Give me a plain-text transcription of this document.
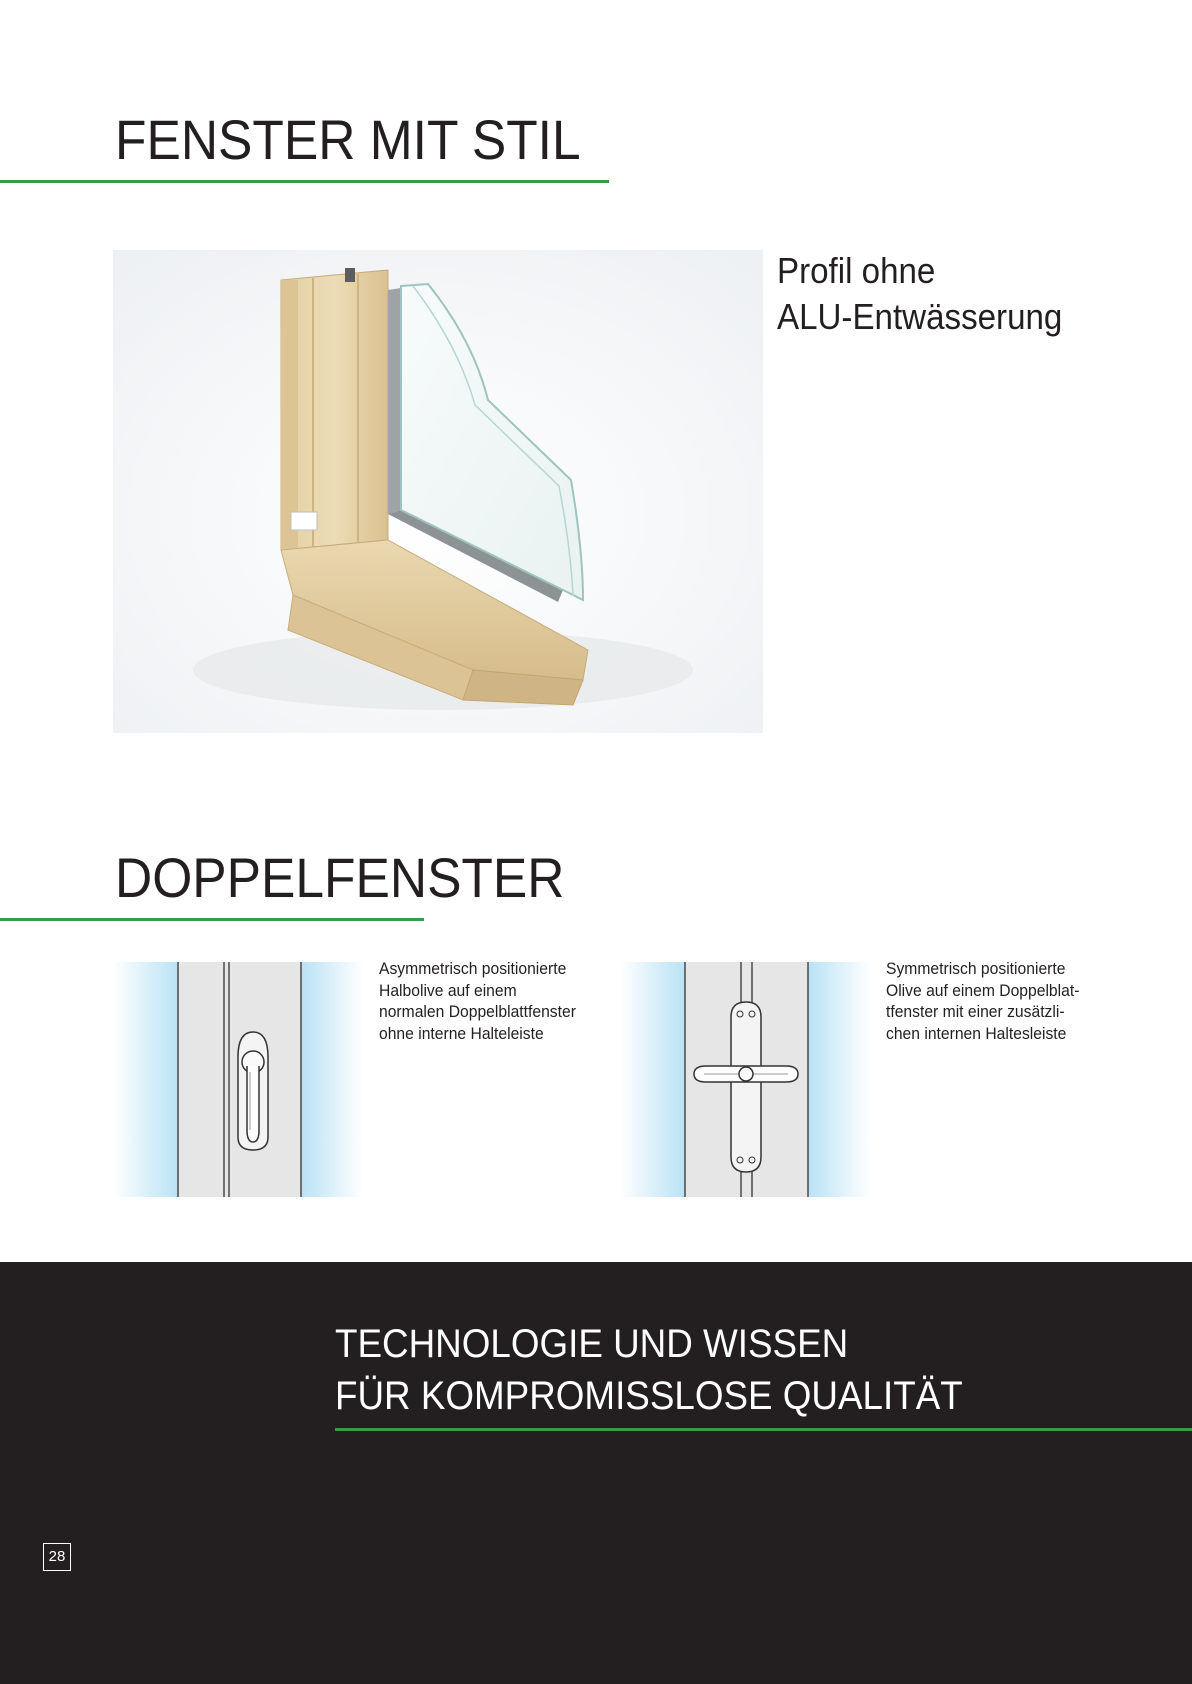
FENSTER MIT STIL
Profil ohne
ALU-Entwässerung
DOPPELFENSTER
Asymmetrisch positionierte
Halbolive auf einem
normalen Doppelblattfenster
ohne interne Halteleiste
Symmetrisch positionierte
Olive auf einem Doppelblat-
tfenster mit einer zusätzli-
chen internen Haltesleiste
TECHNOLOGIE UND WISSEN
FÜR KOMPROMISSLOSE QUALITÄT
28
